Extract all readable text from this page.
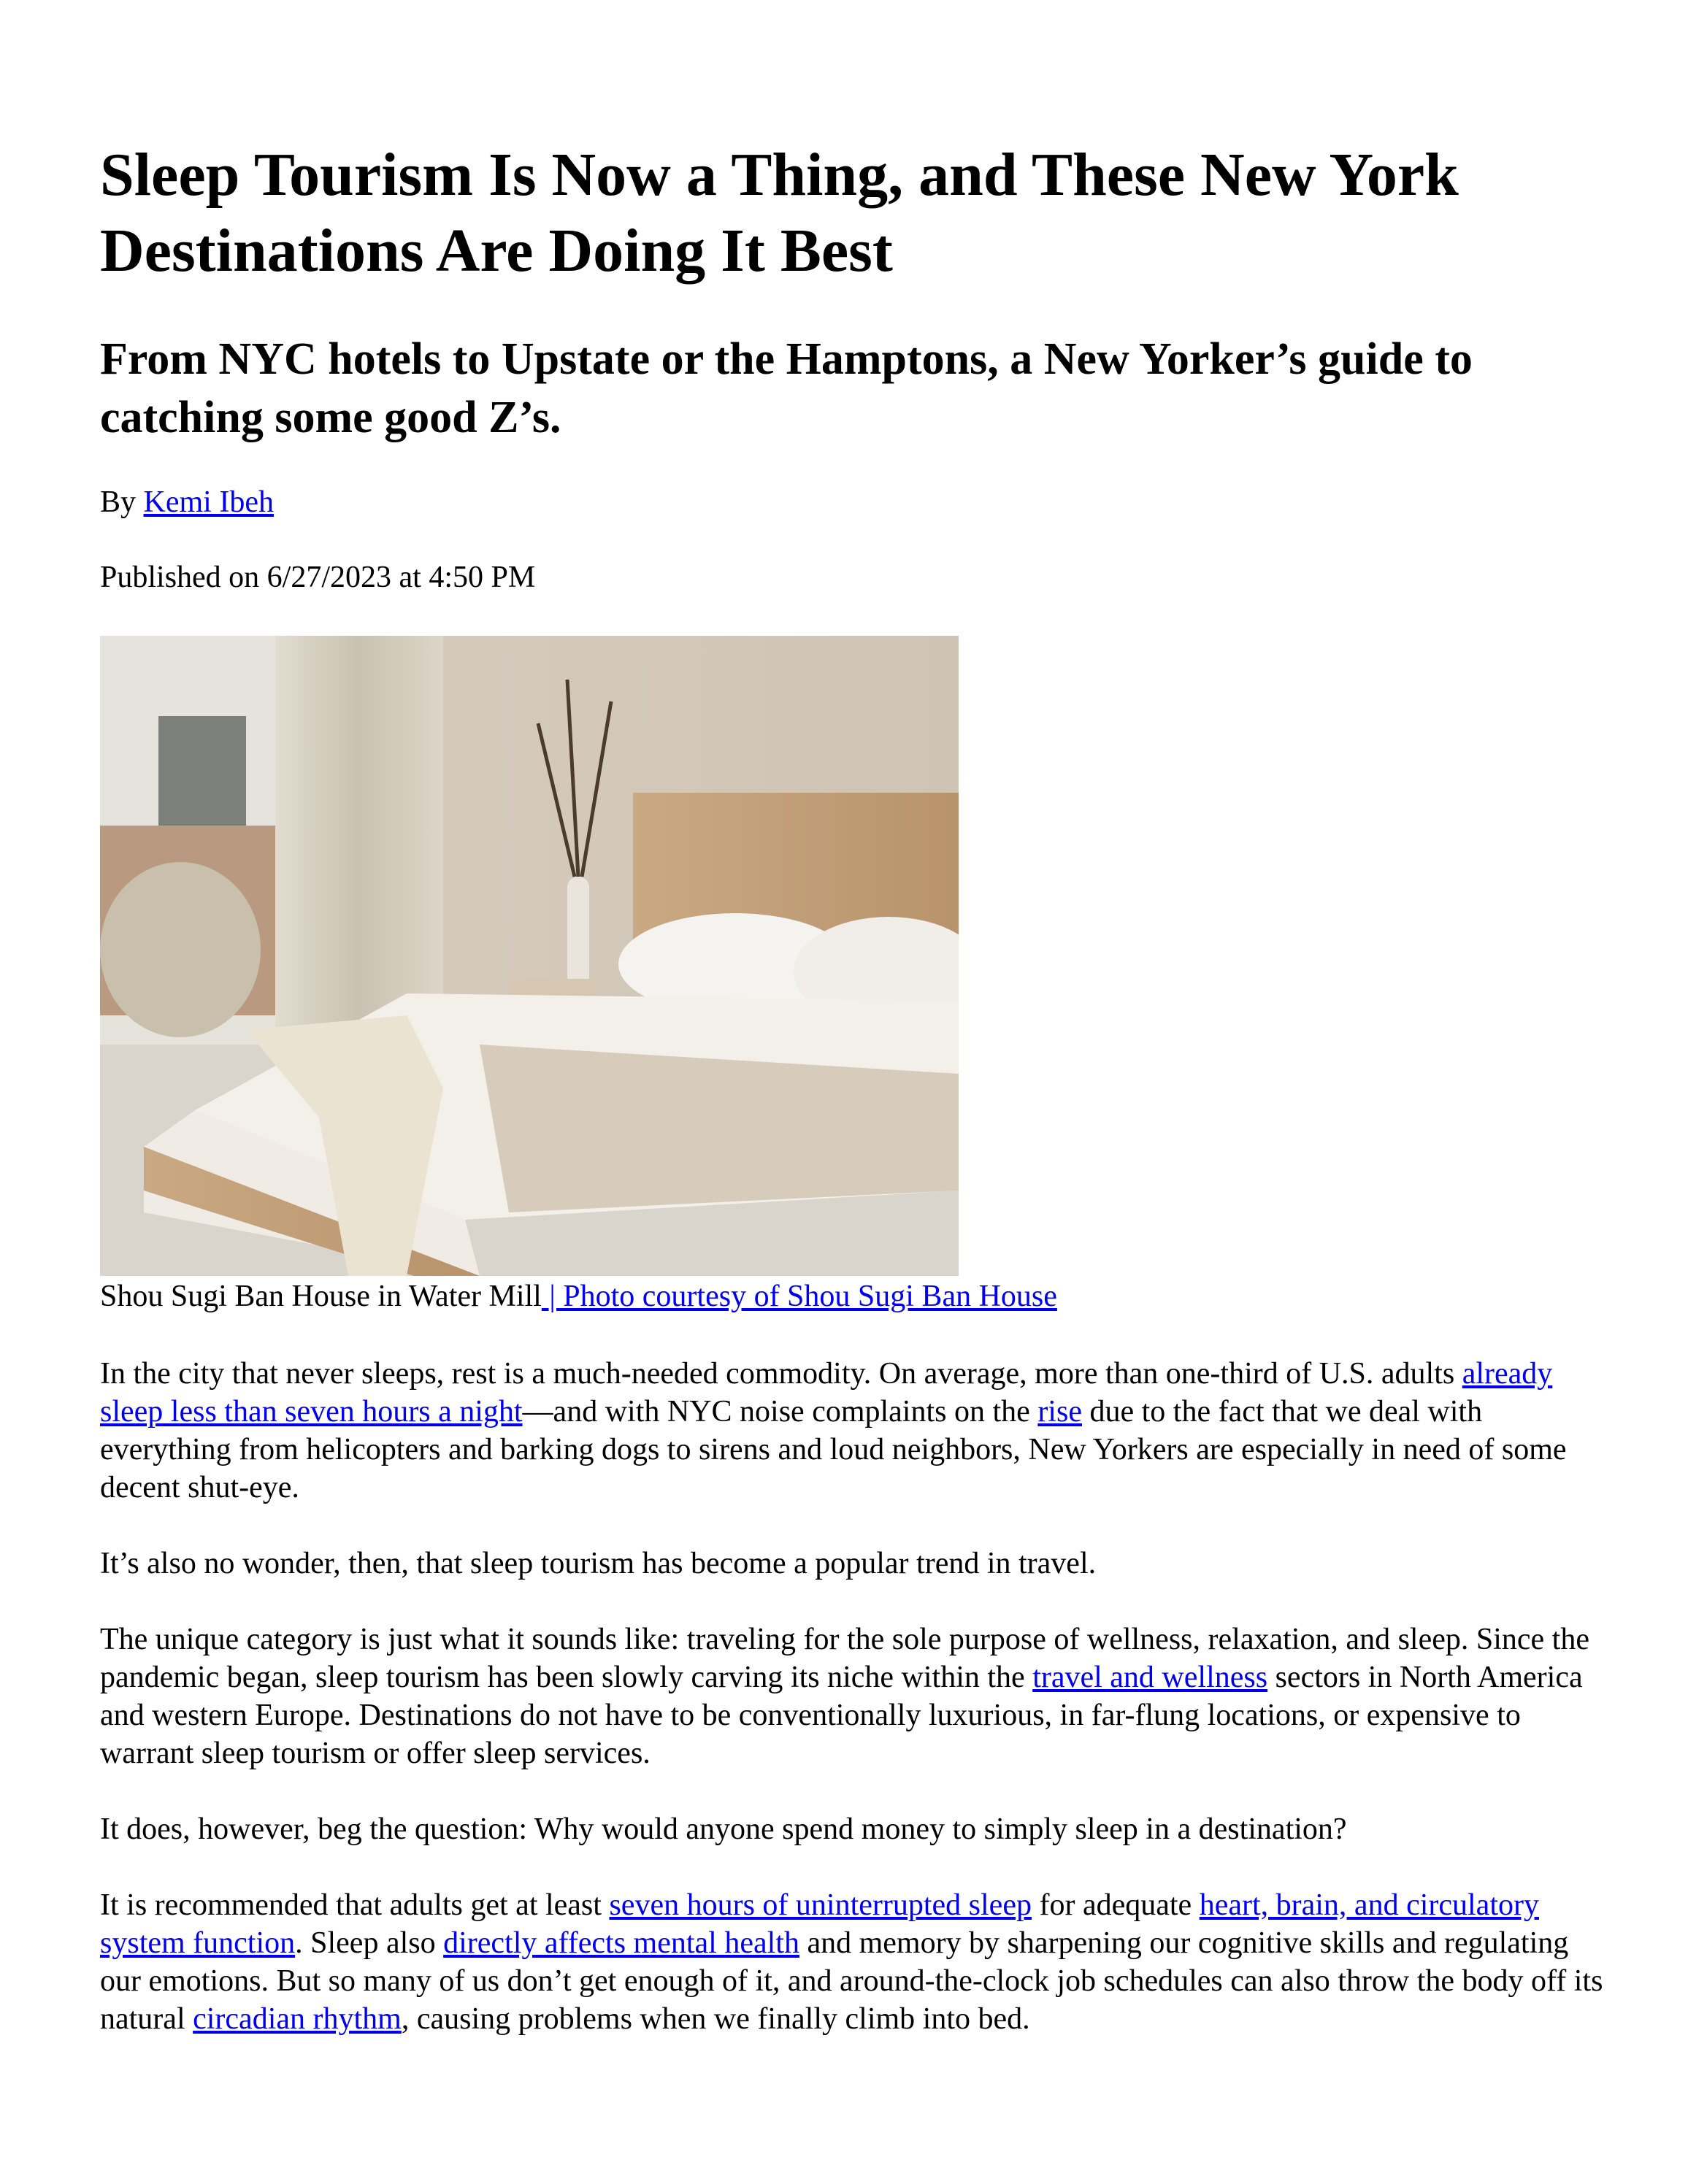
Sleep Tourism Is Now a Thing, and These New York Destinations Are Doing It Best
From NYC hotels to Upstate or the Hamptons, a New Yorker’s guide to catching some good Z’s.

By Kemi Ibeh

Published on 6/27/2023 at 4:50 PM

Shou Sugi Ban House in Water Mill | Photo courtesy of Shou Sugi Ban House

In the city that never sleeps, rest is a much-needed commodity. On average, more than one-third of U.S. adults already sleep less than seven hours a night—and with NYC noise complaints on the rise due to the fact that we deal with everything from helicopters and barking dogs to sirens and loud neighbors, New Yorkers are especially in need of some decent shut-eye.

It’s also no wonder, then, that sleep tourism has become a popular trend in travel.

The unique category is just what it sounds like: traveling for the sole purpose of wellness, relaxation, and sleep. Since the pandemic began, sleep tourism has been slowly carving its niche within the travel and wellness sectors in North America and western Europe. Destinations do not have to be conventionally luxurious, in far-flung locations, or expensive to warrant sleep tourism or offer sleep services.

It does, however, beg the question: Why would anyone spend money to simply sleep in a destination?

It is recommended that adults get at least seven hours of uninterrupted sleep for adequate heart, brain, and circulatory system function. Sleep also directly affects mental health and memory by sharpening our cognitive skills and regulating our emotions. But so many of us don’t get enough of it, and around-the-clock job schedules can also throw the body off its natural circadian rhythm, causing problems when we finally climb into bed.
